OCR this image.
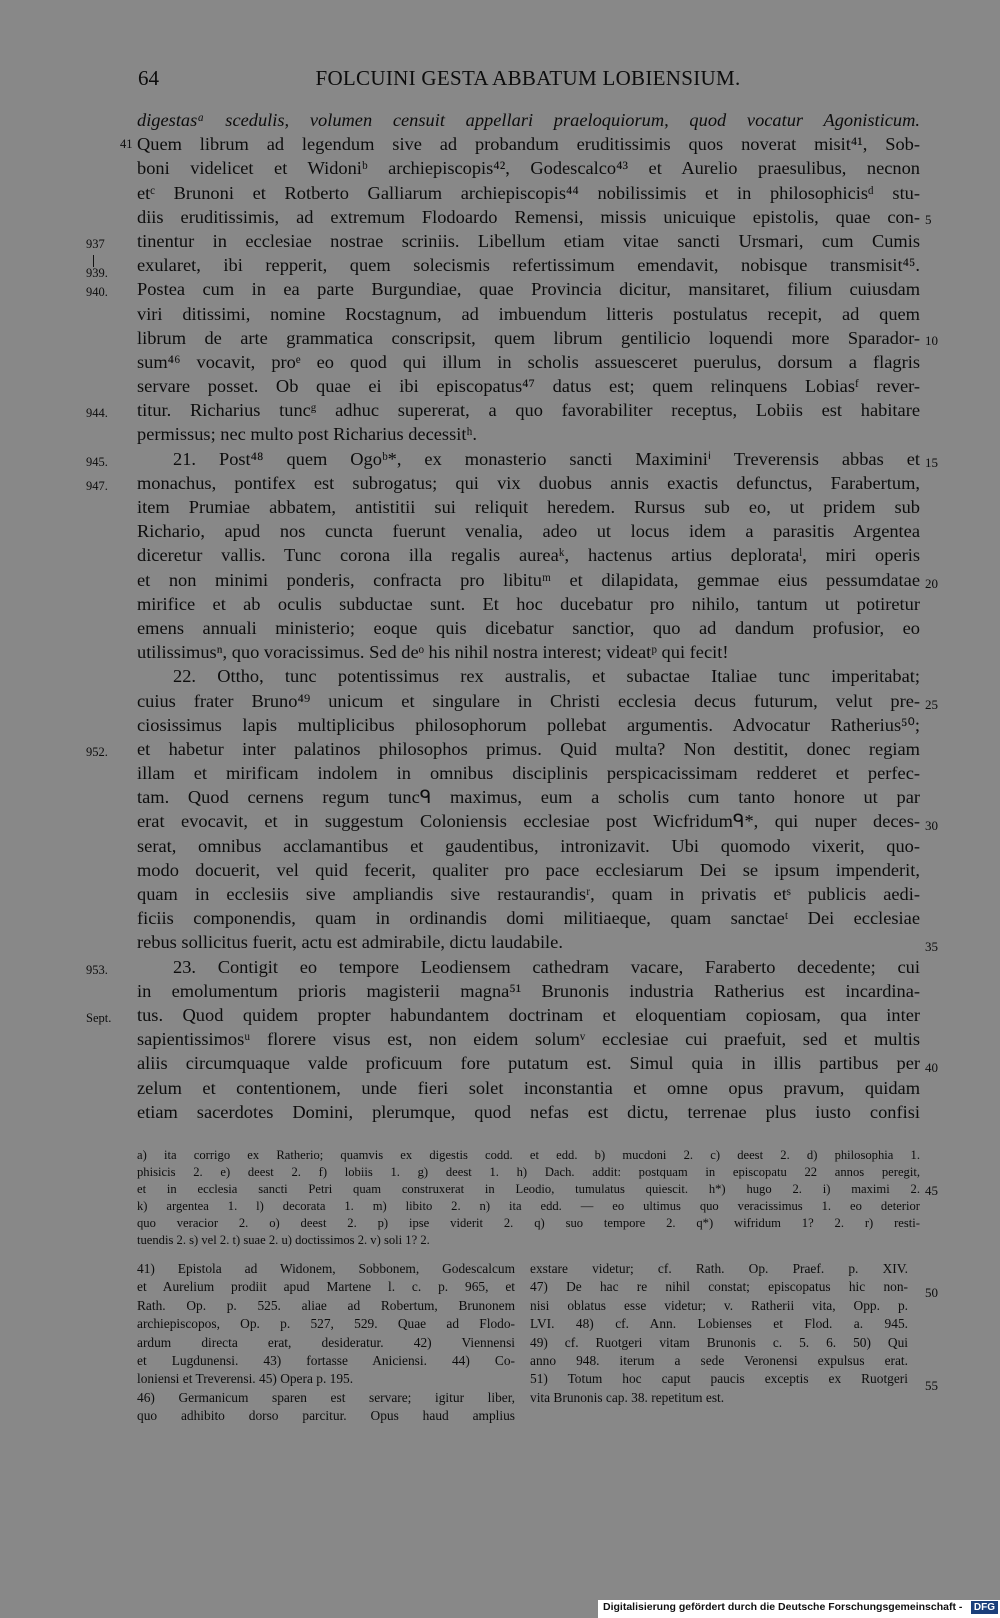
64	FOLCUINI GESTA ABBATUM LOBIENSIUM.
digestasᵃ scedulis, volumen censuit appellari praeloquiorum, quod vocatur Agonisticum.
Quem librum ad legendum sive ad probandum eruditissimis quos noverat misit⁴¹, Sob-
boni videlicet et Widoniᵇ archiepiscopis⁴², Godescalco⁴³ et Aurelio praesulibus, necnon
etᶜ Brunoni et Rotberto Galliarum archiepiscopis⁴⁴ nobilissimis et in philosophicisᵈ stu-
diis eruditissimis, ad extremum Flodoardo Remensi, missis unicuique epistolis, quae con-
tinentur in ecclesiae nostrae scriniis. Libellum etiam vitae sancti Ursmari, cum Cumis
exularet, ibi repperit, quem solecismis refertissimum emendavit, nobisque transmisit⁴⁵.
Postea cum in ea parte Burgundiae, quae Provincia dicitur, mansitaret, filium cuiusdam
viri ditissimi, nomine Rocstagnum, ad imbuendum litteris postulatus recepit, ad quem
librum de arte grammatica conscripsit, quem librum gentilicio loquendi more Sparador-
sum⁴⁶ vocavit, proᵉ eo quod qui illum in scholis assuesceret puerulus, dorsum a flagris
servare posset. Ob quae ei ibi episcopatus⁴⁷ datus est; quem relinquens Lobiasᶠ rever-
titur. Richarius tuncᵍ adhuc supererat, a quo favorabiliter receptus, Lobiis est habitare
permissus; nec multo post Richarius decessitʰ.
21. Post⁴⁸ quem Ogoᵇ*, ex monasterio sancti Maximiniⁱ Treverensis abbas et
monachus, pontifex est subrogatus; qui vix duobus annis exactis defunctus, Farabertum,
item Prumiae abbatem, antistitii sui reliquit heredem. Rursus sub eo, ut pridem sub
Richario, apud nos cuncta fuerunt venalia, adeo ut locus idem a parasitis Argentea
diceretur vallis. Tunc corona illa regalis aureaᵏ, hactenus artius deplorataˡ, miri operis
et non minimi ponderis, confracta pro libituᵐ et dilapidata, gemmae eius pessumdatae
mirifice et ab oculis subductae sunt. Et hoc ducebatur pro nihilo, tantum ut potiretur
emens annuali ministerio; eoque quis dicebatur sanctior, quo ad dandum profusior, eo
utilissimusⁿ, quo voracissimus. Sed deᵒ his nihil nostra interest; videatᵖ qui fecit!
22. Ottho, tunc potentissimus rex australis, et subactae Italiae tunc imperitabat;
cuius frater Bruno⁴⁹ unicum et singulare in Christi ecclesia decus futurum, velut pre-
ciosissimus lapis multiplicibus philosophorum pollebat argumentis. Advocatur Ratherius⁵⁰;
et habetur inter palatinos philosophos primus. Quid multa? Non destitit, donec regiam
illam et mirificam indolem in omnibus disciplinis perspicacissimam redderet et perfec-
tam. Quod cernens regum tuncᑫ maximus, eum a scholis cum tanto honore ut par
erat evocavit, et in suggestum Coloniensis ecclesiae post Wicfridumᑫ*, qui nuper deces-
serat, omnibus acclamantibus et gaudentibus, intronizavit. Ubi quomodo vixerit, quo-
modo docuerit, vel quid fecerit, qualiter pro pace ecclesiarum Dei se ipsum impenderit,
quam in ecclesiis sive ampliandis sive restaurandisʳ, quam in privatis etˢ publicis aedi-
ficiis componendis, quam in ordinandis domi militiaeque, quam sanctaeᵗ Dei ecclesiae
rebus sollicitus fuerit, actu est admirabile, dictu laudabile.
23. Contigit eo tempore Leodiensem cathedram vacare, Faraberto decedente; cui
in emolumentum prioris magisterii magna⁵¹ Brunonis industria Ratherius est incardina-
tus. Quod quidem propter habundantem doctrinam et eloquentiam copiosam, qua inter
sapientissimosᵘ florere visus est, non eidem solumᵛ ecclesiae cui praefuit, sed et multis
aliis circumquaque valde proficuum fore putatum est. Simul quia in illis partibus per
zelum et contentionem, unde fieri solet inconstantia et omne opus pravum, quidam
etiam sacerdotes Domini, plerumque, quod nefas est dictu, terrenae plus iusto confisi
5
10
15
20
25
30
35
40
41
937
939.
940.
944.
945.
947.
952.
953.
Sept.
a) ita corrigo ex Ratherio; quamvis ex digestis codd. et edd. b) mucdoni 2. c) deest 2. d) philosophia 1.
phisicis 2. e) deest 2. f) lobiis 1. g) deest 1. h) Dach. addit: postquam in episcopatu 22 annos peregit,
et in ecclesia sancti Petri quam construxerat in Leodio, tumulatus quiescit. h*) hugo 2. i) maximi 2.
k) argentea 1. l) decorata 1. m) libito 2. n) ita edd. — eo ultimus quo veracissimus 1. eo deterior
quo veracior 2. o) deest 2. p) ipse viderit 2. q) suo tempore 2. q*) wifridum 1? 2. r) resti-
tuendis 2. s) vel 2. t) suae 2. u) doctissimos 2. v) soli 1? 2.
45
41) Epistola ad Widonem, Sobbonem, Godescalcum
et Aurelium prodiit apud Martene l. c. p. 965, et
Rath. Op. p. 525. aliae ad Robertum, Brunonem
archiepiscopos, Op. p. 527, 529. Quae ad Flodo-
ardum directa erat, desideratur. 42) Viennensi
et Lugdunensi. 43) fortasse Aniciensi. 44) Co-
loniensi et Treverensi. 45) Opera p. 195.
46) Germanicum sparen est servare; igitur liber,
quo adhibito dorso parcitur. Opus haud amplius
exstare videtur; cf. Rath. Op. Praef. p. XIV.
47) De hac re nihil constat; episcopatus hic non-
nisi oblatus esse videtur; v. Ratherii vita, Opp. p.
LVI. 48) cf. Ann. Lobienses et Flod. a. 945.
49) cf. Ruotgeri vitam Brunonis c. 5. 6. 50) Qui
anno 948. iterum a sede Veronensi expulsus erat.
51) Totum hoc caput paucis exceptis ex Ruotgeri
vita Brunonis cap. 38. repetitum est.
50
55
Digitalisierung gefördert durch die Deutsche Forschungsgemeinschaft -	DFG
